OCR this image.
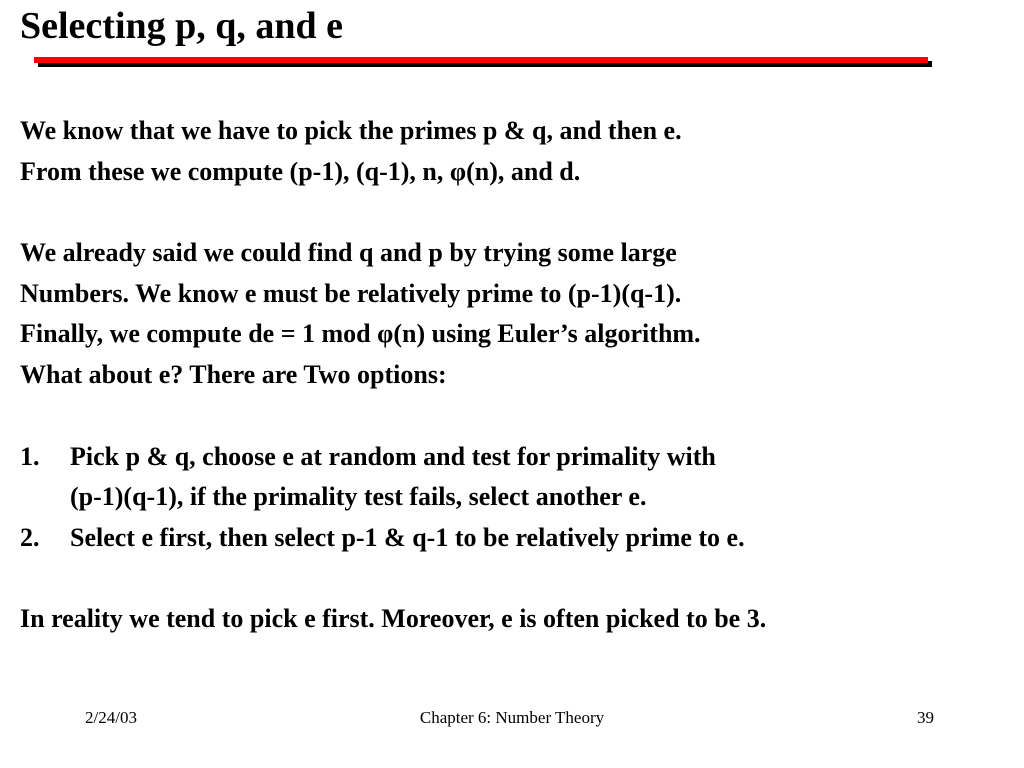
Selecting p, q, and e
We know that we have to pick the primes p & q, and then e.
From these we compute (p-1), (q-1), n, φ(n), and d.
We already said we could find q and p by trying some large
Numbers. We know e must be relatively prime to (p-1)(q-1).
Finally, we compute de = 1 mod φ(n) using Euler’s algorithm.
What about e? There are Two options:
1.	Pick p & q, choose e at random and test for primality with
(p-1)(q-1), if the primality test fails, select another e.
2.	Select e first, then select p-1 & q-1 to be relatively prime to e.
In reality we tend to pick e first. Moreover, e is often picked to be 3.
2/24/03	Chapter 6: Number Theory	39
